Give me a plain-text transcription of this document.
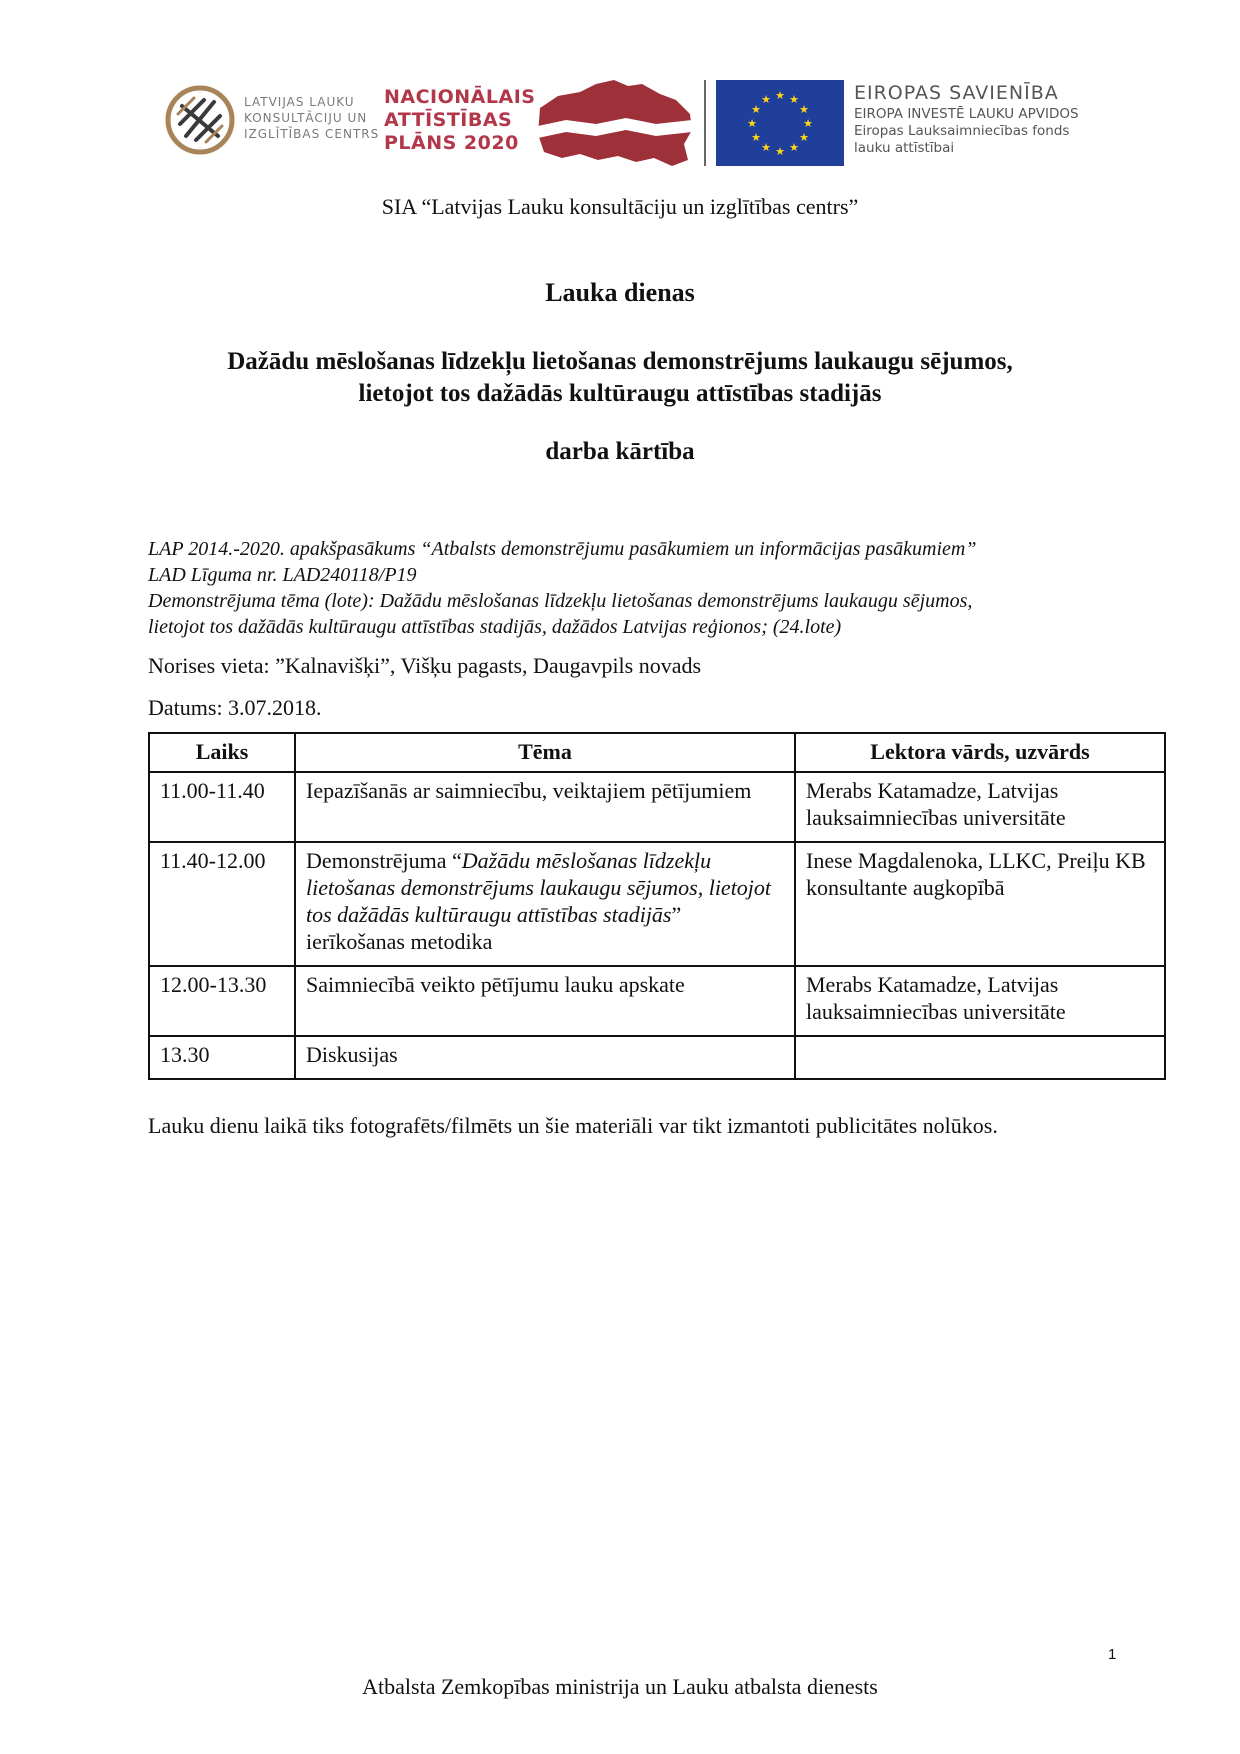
LATVIJAS LAUKU
KONSULTĀCIJU UN
IZGLĪTĪBAS CENTRS
NACIONĀLAIS
ATTĪSTĪBAS
PLĀNS 2020
★ ★
★
★
★
★
★
★
★
★
★
★	EIROPAS SAVIENĪBA
EIROPA INVESTĒ LAUKU APVIDOS
Eiropas Lauksaimniecības fonds
lauku attīstībai
SIA “Latvijas Lauku konsultāciju un izglītības centrs”
Lauka dienas
Dažādu mēslošanas līdzekļu lietošanas demonstrējums laukaugu sējumos,
lietojot tos dažādās kultūraugu attīstības stadijās
darba kārtība
LAP 2014.-2020. apakšpasākums “Atbalsts demonstrējumu pasākumiem un informācijas pasākumiem”
LAD Līguma nr. LAD240118/P19
Demonstrējuma tēma (lote): Dažādu mēslošanas līdzekļu lietošanas demonstrējums laukaugu sējumos,
lietojot tos dažādās kultūraugu attīstības stadijās, dažādos Latvijas reģionos; (24.lote)
Norises vieta: ”Kalnavišķi”, Višķu pagasts, Daugavpils novads
Datums: 3.07.2018.
Laiks	Tēma	Lektora vārds, uzvārds
11.00-11.40	Iepazīšanās ar saimniecību, veiktajiem pētījumiem	Merabs Katamadze, Latvijas lauksaimniecības universitāte
11.40-12.00	Demonstrējuma “Dažādu mēslošanas līdzekļu lietošanas demonstrējums laukaugu sējumos, lietojot tos dažādās kultūraugu attīstības stadijās” ierīkošanas metodika	Inese Magdalenoka, LLKC, Preiļu KB konsultante augkopībā
12.00-13.30	Saimniecībā veikto pētījumu lauku apskate	Merabs Katamadze, Latvijas lauksaimniecības universitāte
13.30	Diskusijas	
Lauku dienu laikā tiks fotografēts/filmēts un šie materiāli var tikt izmantoti publicitātes nolūkos.
1
Atbalsta Zemkopības ministrija un Lauku atbalsta dienests
